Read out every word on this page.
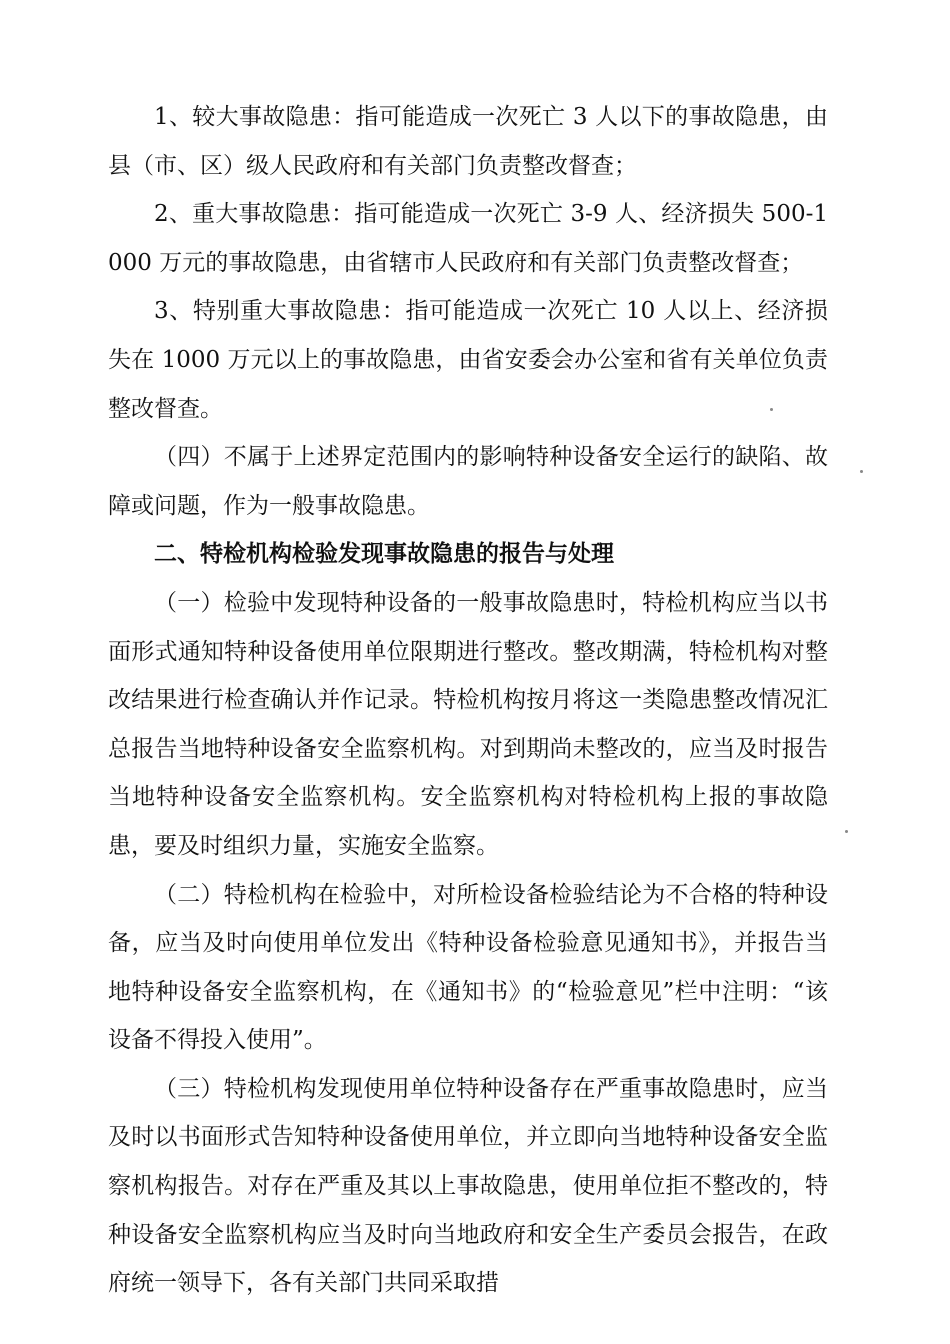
1、较大事故隐患：指可能造成一次死亡 3 人以下的事故隐患，由县（市、区）级人民政府和有关部门负责整改督查；

2、重大事故隐患：指可能造成一次死亡 3-9 人、经济损失 500-1000 万元的事故隐患，由省辖市人民政府和有关部门负责整改督查；

3、特别重大事故隐患：指可能造成一次死亡 10 人以上、经济损失在 1000 万元以上的事故隐患，由省安委会办公室和省有关单位负责整改督查。

（四）不属于上述界定范围内的影响特种设备安全运行的缺陷、故障或问题，作为一般事故隐患。

二、特检机构检验发现事故隐患的报告与处理

（一）检验中发现特种设备的一般事故隐患时，特检机构应当以书面形式通知特种设备使用单位限期进行整改。整改期满，特检机构对整改结果进行检查确认并作记录。特检机构按月将这一类隐患整改情况汇总报告当地特种设备安全监察机构。对到期尚未整改的，应当及时报告当地特种设备安全监察机构。安全监察机构对特检机构上报的事故隐患，要及时组织力量，实施安全监察。

（二）特检机构在检验中，对所检设备检验结论为不合格的特种设备，应当及时向使用单位发出《特种设备检验意见通知书》，并报告当地特种设备安全监察机构，在《通知书》的“检验意见”栏中注明：“该设备不得投入使用”。

（三）特检机构发现使用单位特种设备存在严重事故隐患时，应当及时以书面形式告知特种设备使用单位，并立即向当地特种设备安全监察机构报告。对存在严重及其以上事故隐患，使用单位拒不整改的，特种设备安全监察机构应当及时向当地政府和安全生产委员会报告，在政府统一领导下，各有关部门共同采取措
